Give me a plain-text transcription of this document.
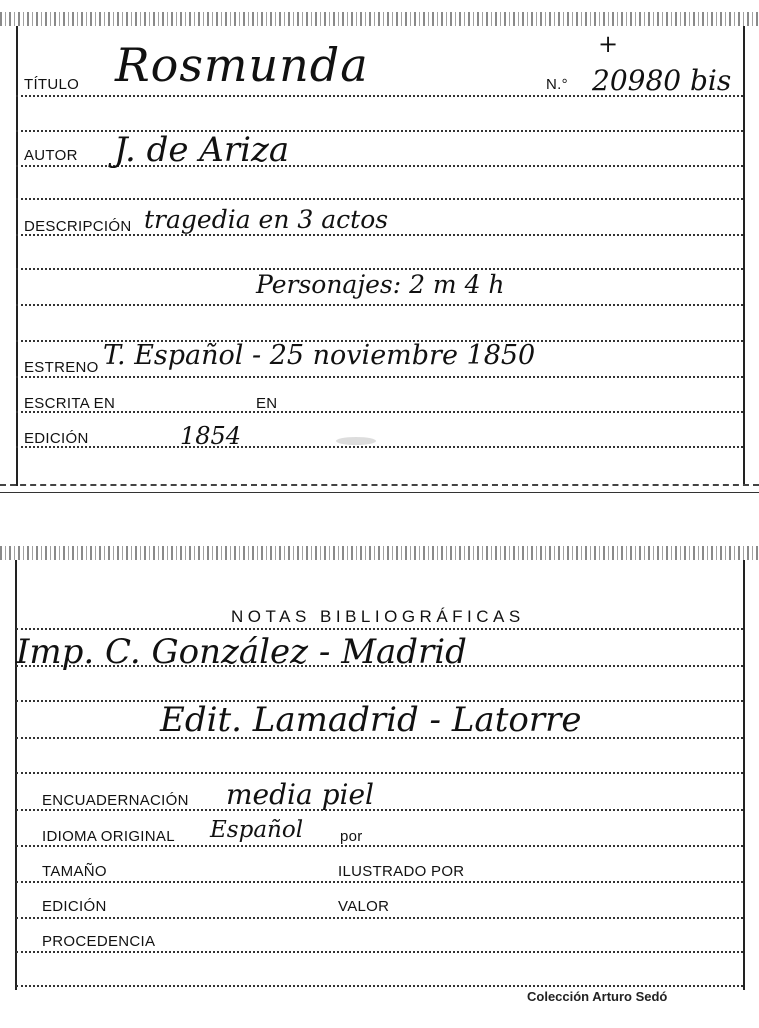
TÍTULO Rosmunda	N.° 20980 bis
+
AUTOR J. de Ariza
DESCRIPCIÓN tragedia en 3 actos
Personajes: 2 m 4 h
ESTRENO T. Español - 25 noviembre 1850
ESCRITA EN	EN
EDICIÓN	1854
NOTAS BIBLIOGRÁFICAS
Imp. C. González - Madrid
Edit. Lamadrid - Latorre
ENCUADERNACIÓN media piel
IDIOMA ORIGINAL Español por
TAMAÑO	ILUSTRADO POR
EDICIÓN	VALOR
PROCEDENCIA
Colección Arturo Sedó
